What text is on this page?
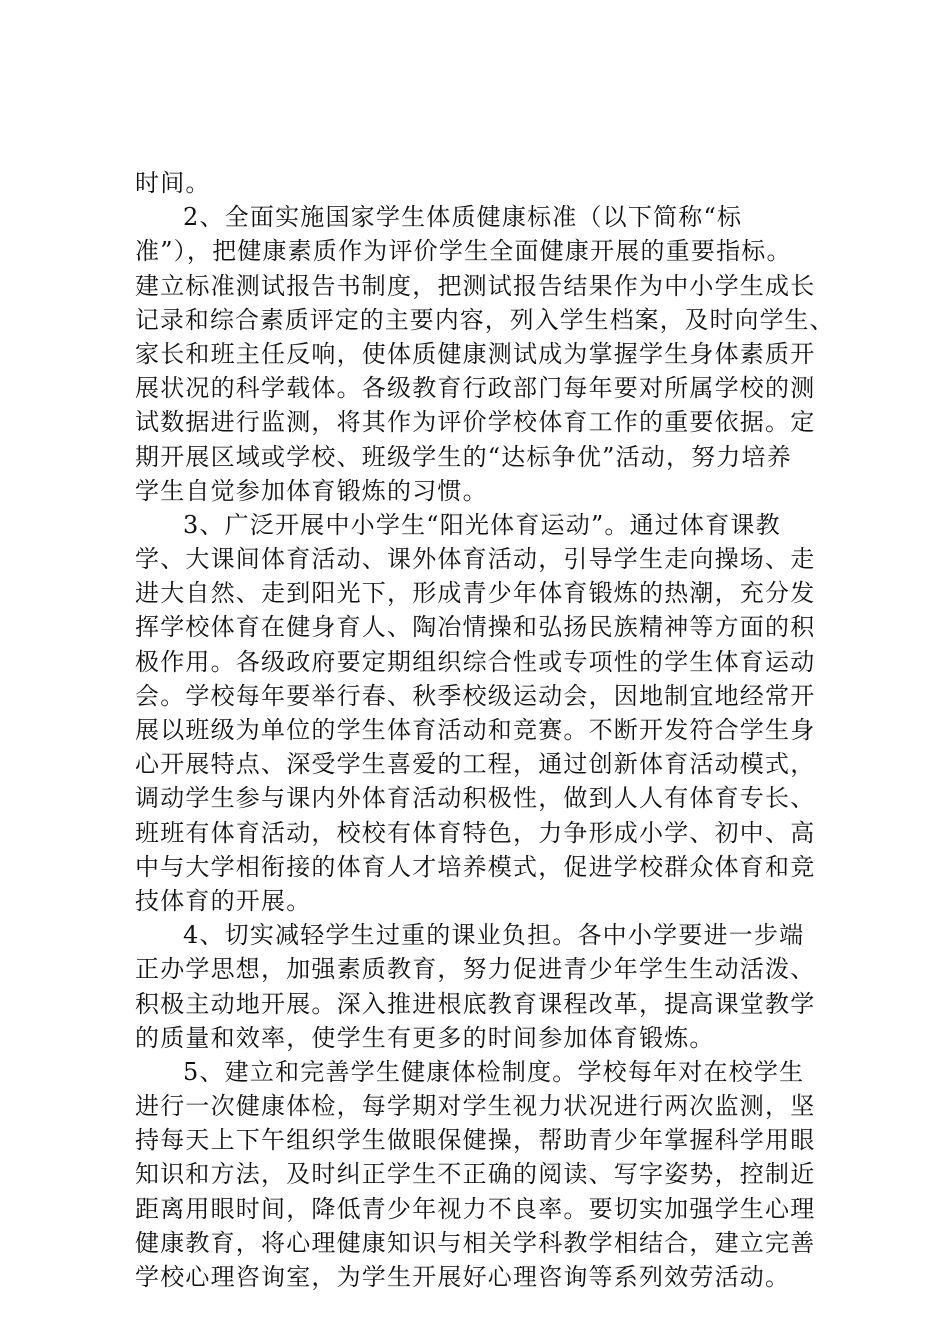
时间。
2、全面实施国家学生体质健康标准（以下简称“标
准”），把健康素质作为评价学生全面健康开展的重要指标。
建立标准测试报告书制度，把测试报告结果作为中小学生成长
记录和综合素质评定的主要内容，列入学生档案，及时向学生、
家长和班主任反响，使体质健康测试成为掌握学生身体素质开
展状况的科学载体。各级教育行政部门每年要对所属学校的测
试数据进行监测，将其作为评价学校体育工作的重要依据。定
期开展区域或学校、班级学生的“达标争优”活动，努力培养
学生自觉参加体育锻炼的习惯。
3、广泛开展中小学生“阳光体育运动”。通过体育课教
学、大课间体育活动、课外体育活动，引导学生走向操场、走
进大自然、走到阳光下，形成青少年体育锻炼的热潮，充分发
挥学校体育在健身育人、陶冶情操和弘扬民族精神等方面的积
极作用。各级政府要定期组织综合性或专项性的学生体育运动
会。学校每年要举行春、秋季校级运动会，因地制宜地经常开
展以班级为单位的学生体育活动和竞赛。不断开发符合学生身
心开展特点、深受学生喜爱的工程，通过创新体育活动模式，
调动学生参与课内外体育活动积极性，做到人人有体育专长、
班班有体育活动，校校有体育特色，力争形成小学、初中、高
中与大学相衔接的体育人才培养模式，促进学校群众体育和竞
技体育的开展。
4、切实减轻学生过重的课业负担。各中小学要进一步端
正办学思想，加强素质教育，努力促进青少年学生生动活泼、
积极主动地开展。深入推进根底教育课程改革，提高课堂教学
的质量和效率，使学生有更多的时间参加体育锻炼。
5、建立和完善学生健康体检制度。学校每年对在校学生
进行一次健康体检，每学期对学生视力状况进行两次监测，坚
持每天上下午组织学生做眼保健操，帮助青少年掌握科学用眼
知识和方法，及时纠正学生不正确的阅读、写字姿势，控制近
距离用眼时间，降低青少年视力不良率。要切实加强学生心理
健康教育，将心理健康知识与相关学科教学相结合，建立完善
学校心理咨询室，为学生开展好心理咨询等系列效劳活动。
